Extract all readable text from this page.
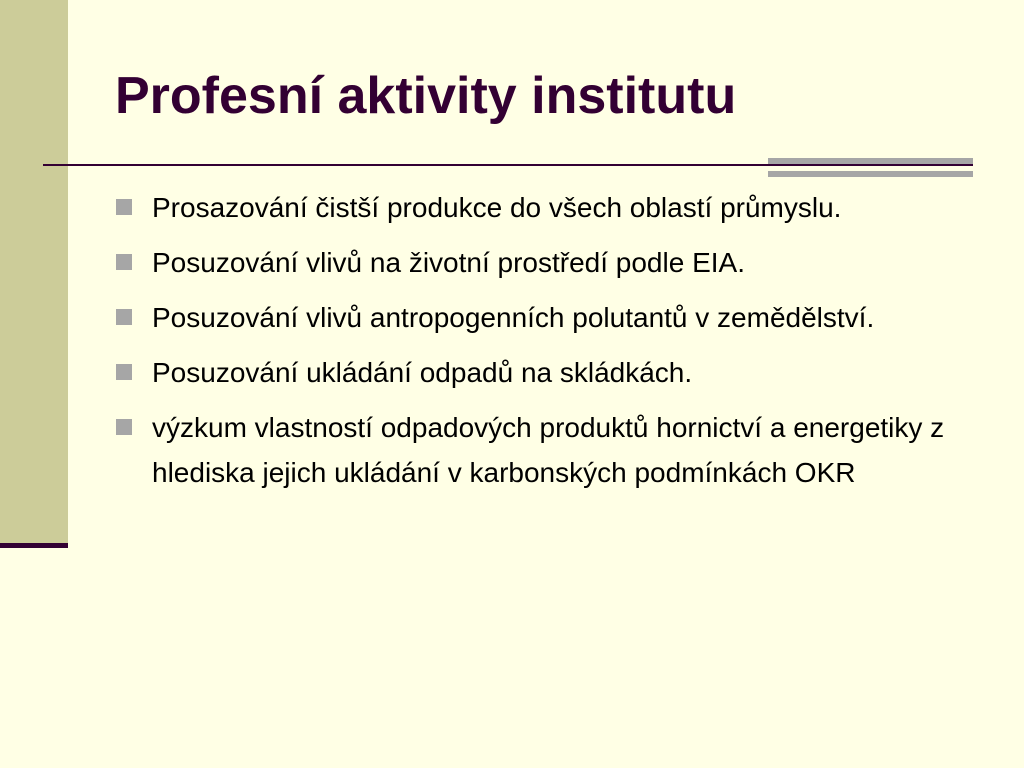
Profesní aktivity institutu
Prosazování čistší produkce do všech oblastí průmyslu.
Posuzování vlivů na životní prostředí podle EIA.
Posuzování vlivů antropogenních polutantů v zemědělství.
Posuzování ukládání odpadů na skládkách.
výzkum vlastností odpadových produktů hornictví a energetiky z hlediska jejich ukládání v karbonských podmínkách OKR
